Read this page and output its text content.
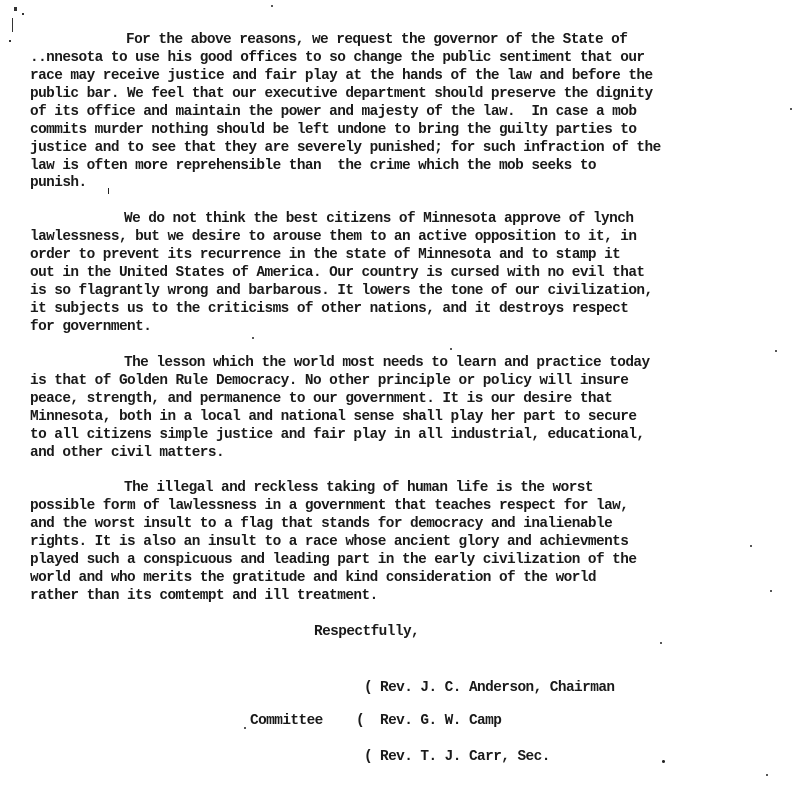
For the above reasons, we request the governor of the State of
..nnesota to use his good offices to so change the public sentiment that our
race may receive justice and fair play at the hands of the law and before the
public bar. We feel that our executive department should preserve the dignity
of its office and maintain the power and majesty of the law.  In case a mob
commits murder nothing should be left undone to bring the guilty parties to
justice and to see that they are severely punished; for such infraction of the
law is often more reprehensible than  the crime which the mob seeks to
punish.
We do not think the best citizens of Minnesota approve of lynch
lawlessness, but we desire to arouse them to an active opposition to it, in
order to prevent its recurrence in the state of Minnesota and to stamp it
out in the United States of America. Our country is cursed with no evil that
is so flagrantly wrong and barbarous. It lowers the tone of our civilization,
it subjects us to the criticisms of other nations, and it destroys respect
for government.
The lesson which the world most needs to learn and practice today
is that of Golden Rule Democracy. No other principle or policy will insure
peace, strength, and permanence to our government. It is our desire that
Minnesota, both in a local and national sense shall play her part to secure
to all citizens simple justice and fair play in all industrial, educational,
and other civil matters.
The illegal and reckless taking of human life is the worst
possible form of lawlessness in a government that teaches respect for law,
and the worst insult to a flag that stands for democracy and inalienable
rights. It is also an insult to a race whose ancient glory and achievments
played such a conspicuous and leading part in the early civilization of the
world and who merits the gratitude and kind consideration of the world
rather than its comtempt and ill treatment.
Respectfully,
( Rev. J. C. Anderson, Chairman
Committee ( Rev. G. W. Camp
( Rev. T. J. Carr, Sec.
